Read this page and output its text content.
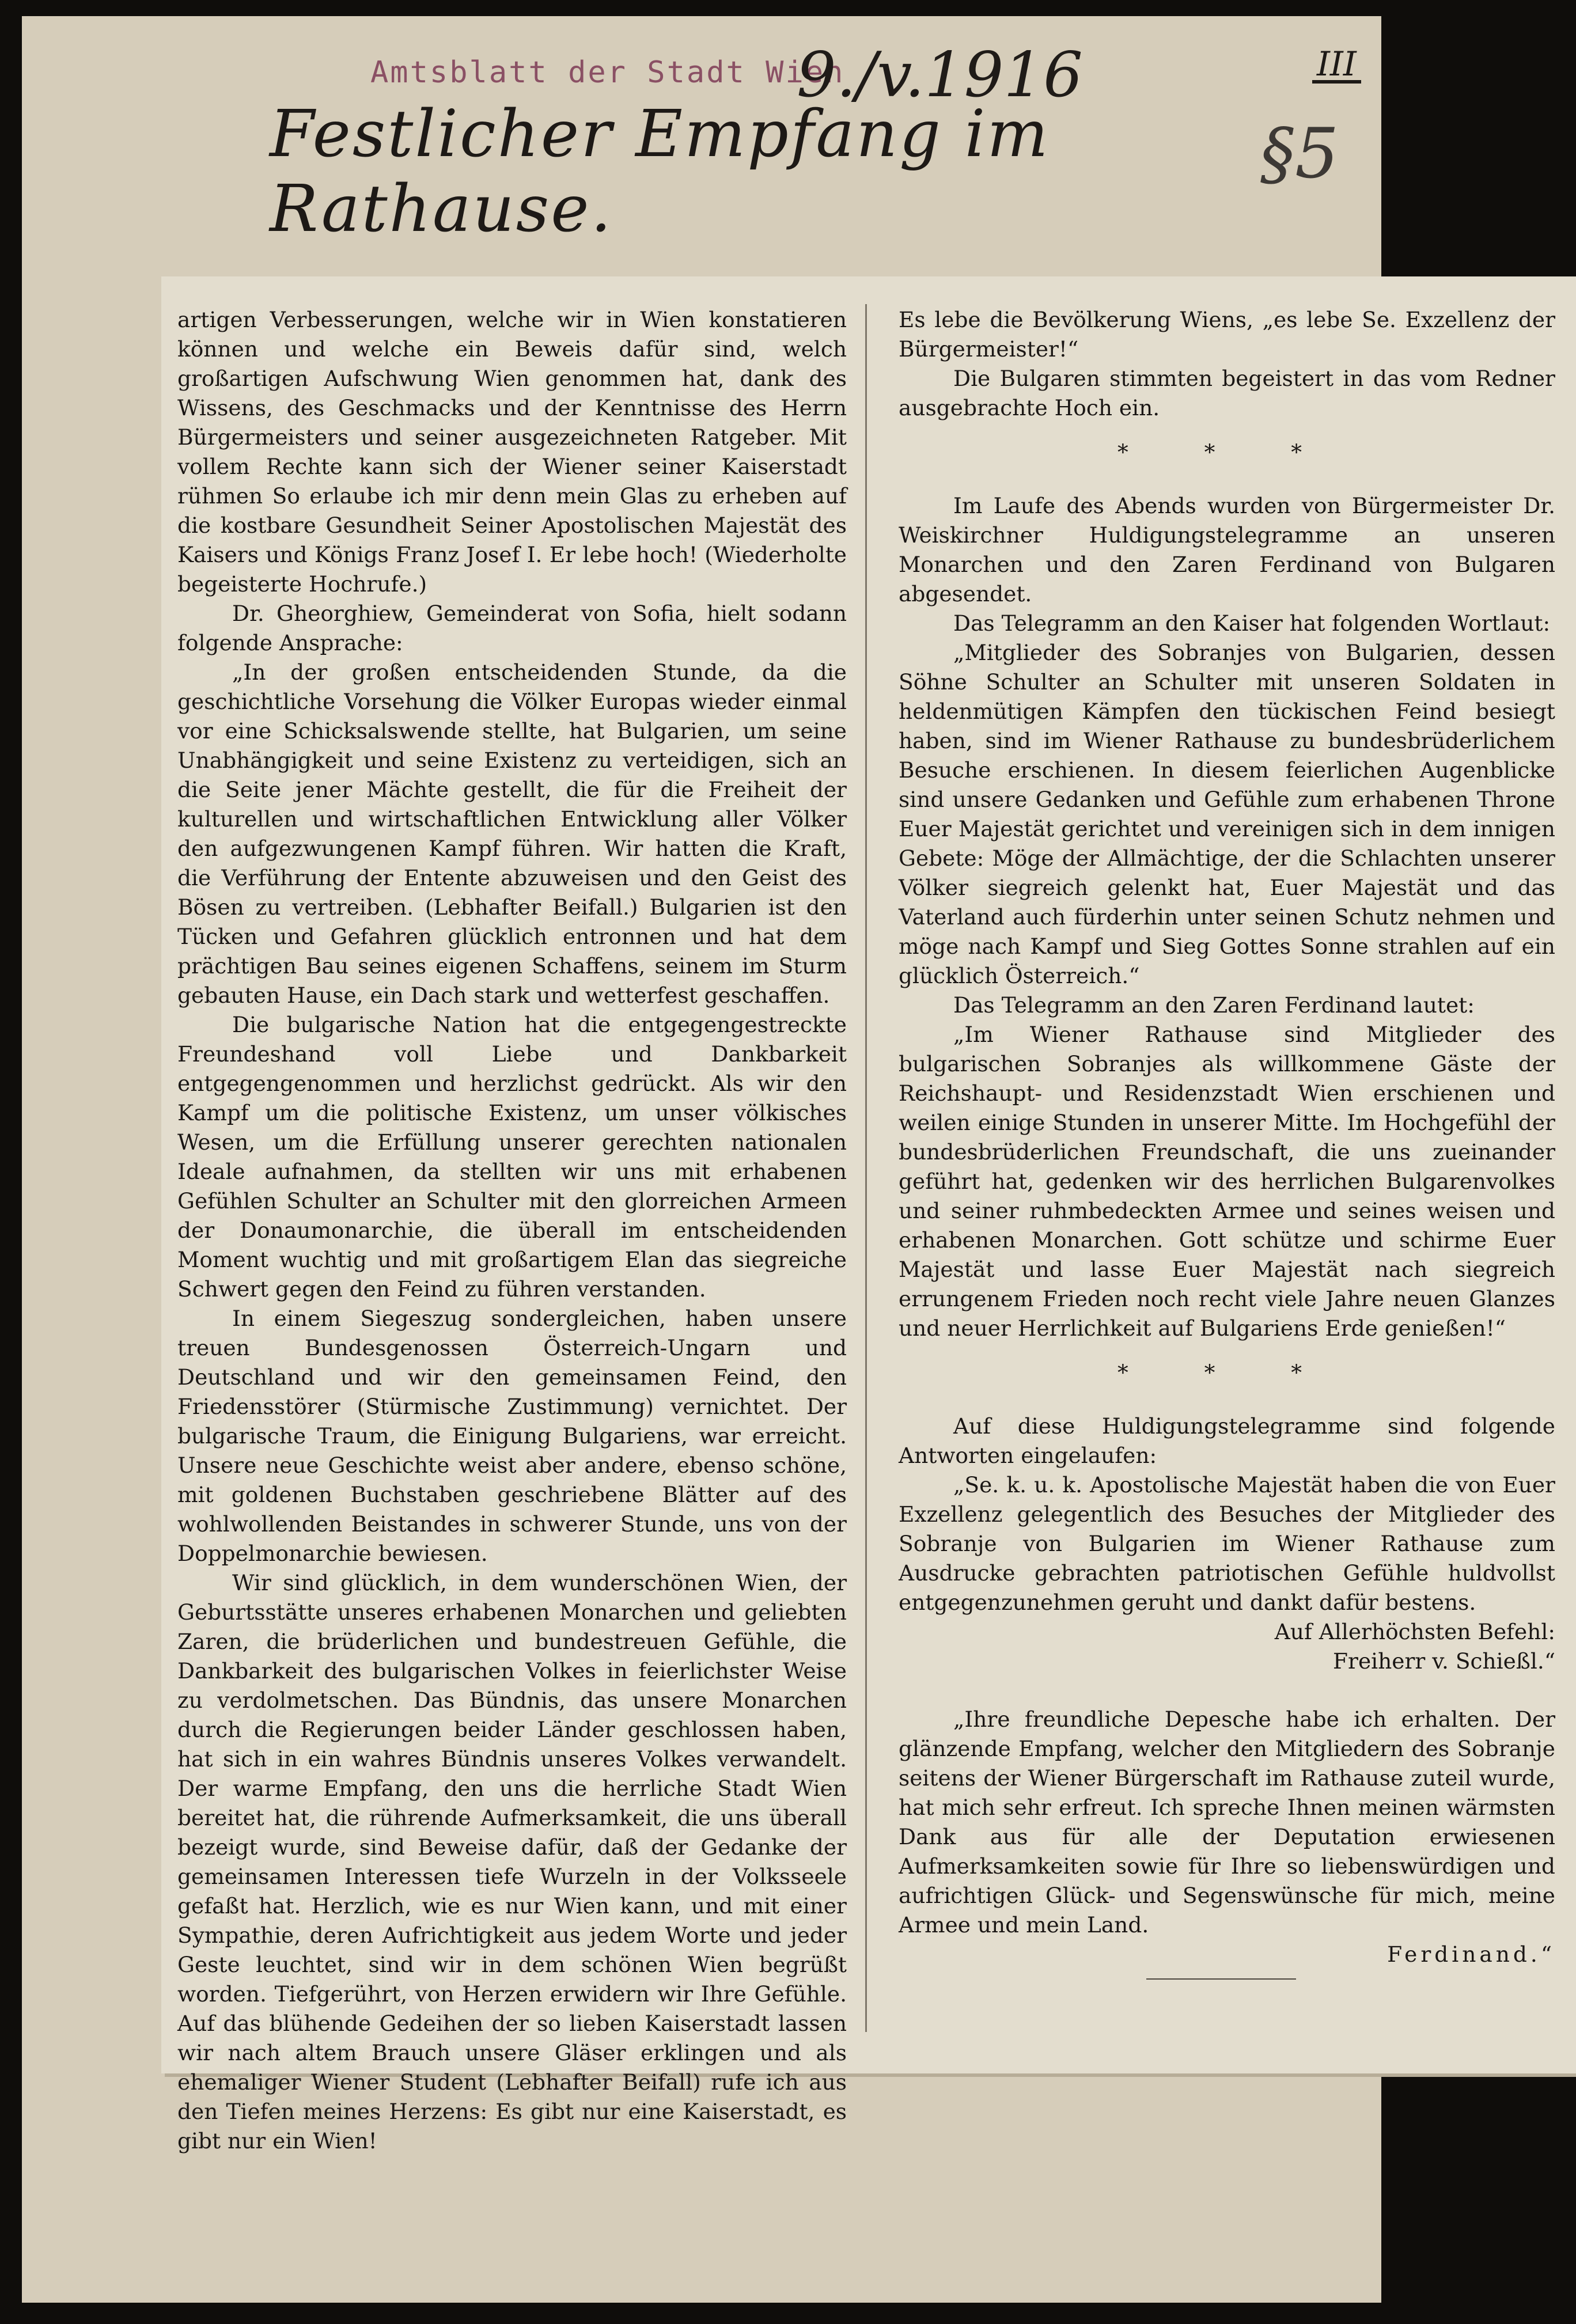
Amtsblatt der Stadt Wien
9./v.1916	III
Festlicher Empfang im Rathause.
§5

artigen Verbesserungen, welche wir in Wien konstatieren können und welche ein Beweis dafür sind, welch großartigen Aufschwung Wien genommen hat, dank des Wissens, des Geschmacks und der Kenntnisse des Herrn Bürgermeisters und seiner ausgezeichneten Ratgeber. Mit vollem Rechte kann sich der Wiener seiner Kaiserstadt rühmen So erlaube ich mir denn mein Glas zu erheben auf die kostbare Gesundheit Seiner Apostolischen Majestät des Kaisers und Königs Franz Josef I. Er lebe hoch! (Wiederholte begeisterte Hochrufe.)

Dr. Gheorghiew, Gemeinderat von Sofia, hielt sodann folgende Ansprache:

„In der großen entscheidenden Stunde, da die geschichtliche Vorsehung die Völker Europas wieder einmal vor eine Schicksalswende stellte, hat Bulgarien, um seine Unabhängigkeit und seine Existenz zu verteidigen, sich an die Seite jener Mächte gestellt, die für die Freiheit der kulturellen und wirtschaftlichen Entwicklung aller Völker den aufgezwungenen Kampf führen. Wir hatten die Kraft, die Verführung der Entente abzuweisen und den Geist des Bösen zu vertreiben. (Lebhafter Beifall.) Bulgarien ist den Tücken und Gefahren glücklich entronnen und hat dem prächtigen Bau seines eigenen Schaffens, seinem im Sturm gebauten Hause, ein Dach stark und wetterfest geschaffen.

Die bulgarische Nation hat die entgegengestreckte Freundeshand voll Liebe und Dankbarkeit entgegengenommen und herzlichst gedrückt. Als wir den Kampf um die politische Existenz, um unser völkisches Wesen, um die Erfüllung unserer gerechten nationalen Ideale aufnahmen, da stellten wir uns mit erhabenen Gefühlen Schulter an Schulter mit den glorreichen Armeen der Donaumonarchie, die überall im entscheidenden Moment wuchtig und mit großartigem Elan das siegreiche Schwert gegen den Feind zu führen verstanden.

In einem Siegeszug sondergleichen, haben unsere treuen Bundesgenossen Österreich-Ungarn und Deutschland und wir den gemeinsamen Feind, den Friedensstörer (Stürmische Zustimmung) vernichtet. Der bulgarische Traum, die Einigung Bulgariens, war erreicht. Unsere neue Geschichte weist aber andere, ebenso schöne, mit goldenen Buchstaben geschriebene Blätter auf des wohlwollenden Beistandes in schwerer Stunde, uns von der Doppelmonarchie bewiesen.

Wir sind glücklich, in dem wunderschönen Wien, der Geburtsstätte unseres erhabenen Monarchen und geliebten Zaren, die brüderlichen und bundestreuen Gefühle, die Dankbarkeit des bulgarischen Volkes in feierlichster Weise zu verdolmetschen. Das Bündnis, das unsere Monarchen durch die Regierungen beider Länder geschlossen haben, hat sich in ein wahres Bündnis unseres Volkes verwandelt. Der warme Empfang, den uns die herrliche Stadt Wien bereitet hat, die rührende Aufmerksamkeit, die uns überall bezeigt wurde, sind Beweise dafür, daß der Gedanke der gemeinsamen Interessen tiefe Wurzeln in der Volksseele gefaßt hat. Herzlich, wie es nur Wien kann, und mit einer Sympathie, deren Aufrichtigkeit aus jedem Worte und jeder Geste leuchtet, sind wir in dem schönen Wien begrüßt worden. Tiefgerührt, von Herzen erwidern wir Ihre Gefühle. Auf das blühende Gedeihen der so lieben Kaiserstadt lassen wir nach altem Brauch unsere Gläser erklingen und als ehemaliger Wiener Student (Lebhafter Beifall) rufe ich aus den Tiefen meines Herzens: Es gibt nur eine Kaiserstadt, es gibt nur ein Wien!

Es lebe die Bevölkerung Wiens, „es lebe Se. Exzellenz der Bürgermeister!“

Die Bulgaren stimmten begeistert in das vom Redner ausgebrachte Hoch ein.

* * *

Im Laufe des Abends wurden von Bürgermeister Dr. Weiskirchner Huldigungstelegramme an unseren Monarchen und den Zaren Ferdinand von Bulgaren abgesendet.

Das Telegramm an den Kaiser hat folgenden Wortlaut:

„Mitglieder des Sobranjes von Bulgarien, dessen Söhne Schulter an Schulter mit unseren Soldaten in heldenmütigen Kämpfen den tückischen Feind besiegt haben, sind im Wiener Rathause zu bundesbrüderlichem Besuche erschienen. In diesem feierlichen Augenblicke sind unsere Gedanken und Gefühle zum erhabenen Throne Euer Majestät gerichtet und vereinigen sich in dem innigen Gebete: Möge der Allmächtige, der die Schlachten unserer Völker siegreich gelenkt hat, Euer Majestät und das Vaterland auch fürderhin unter seinen Schutz nehmen und möge nach Kampf und Sieg Gottes Sonne strahlen auf ein glücklich Österreich.“

Das Telegramm an den Zaren Ferdinand lautet:

„Im Wiener Rathause sind Mitglieder des bulgarischen Sobranjes als willkommene Gäste der Reichshaupt- und Residenzstadt Wien erschienen und weilen einige Stunden in unserer Mitte. Im Hochgefühl der bundesbrüderlichen Freundschaft, die uns zueinander geführt hat, gedenken wir des herrlichen Bulgarenvolkes und seiner ruhmbedeckten Armee und seines weisen und erhabenen Monarchen. Gott schütze und schirme Euer Majestät und lasse Euer Majestät nach siegreich errungenem Frieden noch recht viele Jahre neuen Glanzes und neuer Herrlichkeit auf Bulgariens Erde genießen!“

* * *

Auf diese Huldigungstelegramme sind folgende Antworten eingelaufen:

„Se. k. u. k. Apostolische Majestät haben die von Euer Exzellenz gelegentlich des Besuches der Mitglieder des Sobranje von Bulgarien im Wiener Rathause zum Ausdrucke gebrachten patriotischen Gefühle huldvollst entgegenzunehmen geruht und dankt dafür bestens.

Auf Allerhöchsten Befehl:

Freiherr v. Schießl.“

„Ihre freundliche Depesche habe ich erhalten. Der glänzende Empfang, welcher den Mitgliedern des Sobranje seitens der Wiener Bürgerschaft im Rathause zuteil wurde, hat mich sehr erfreut. Ich spreche Ihnen meinen wärmsten Dank aus für alle der Deputation erwiesenen Aufmerksamkeiten sowie für Ihre so liebenswürdigen und aufrichtigen Glück- und Segenswünsche für mich, meine Armee und mein Land.

Ferdinand.“
